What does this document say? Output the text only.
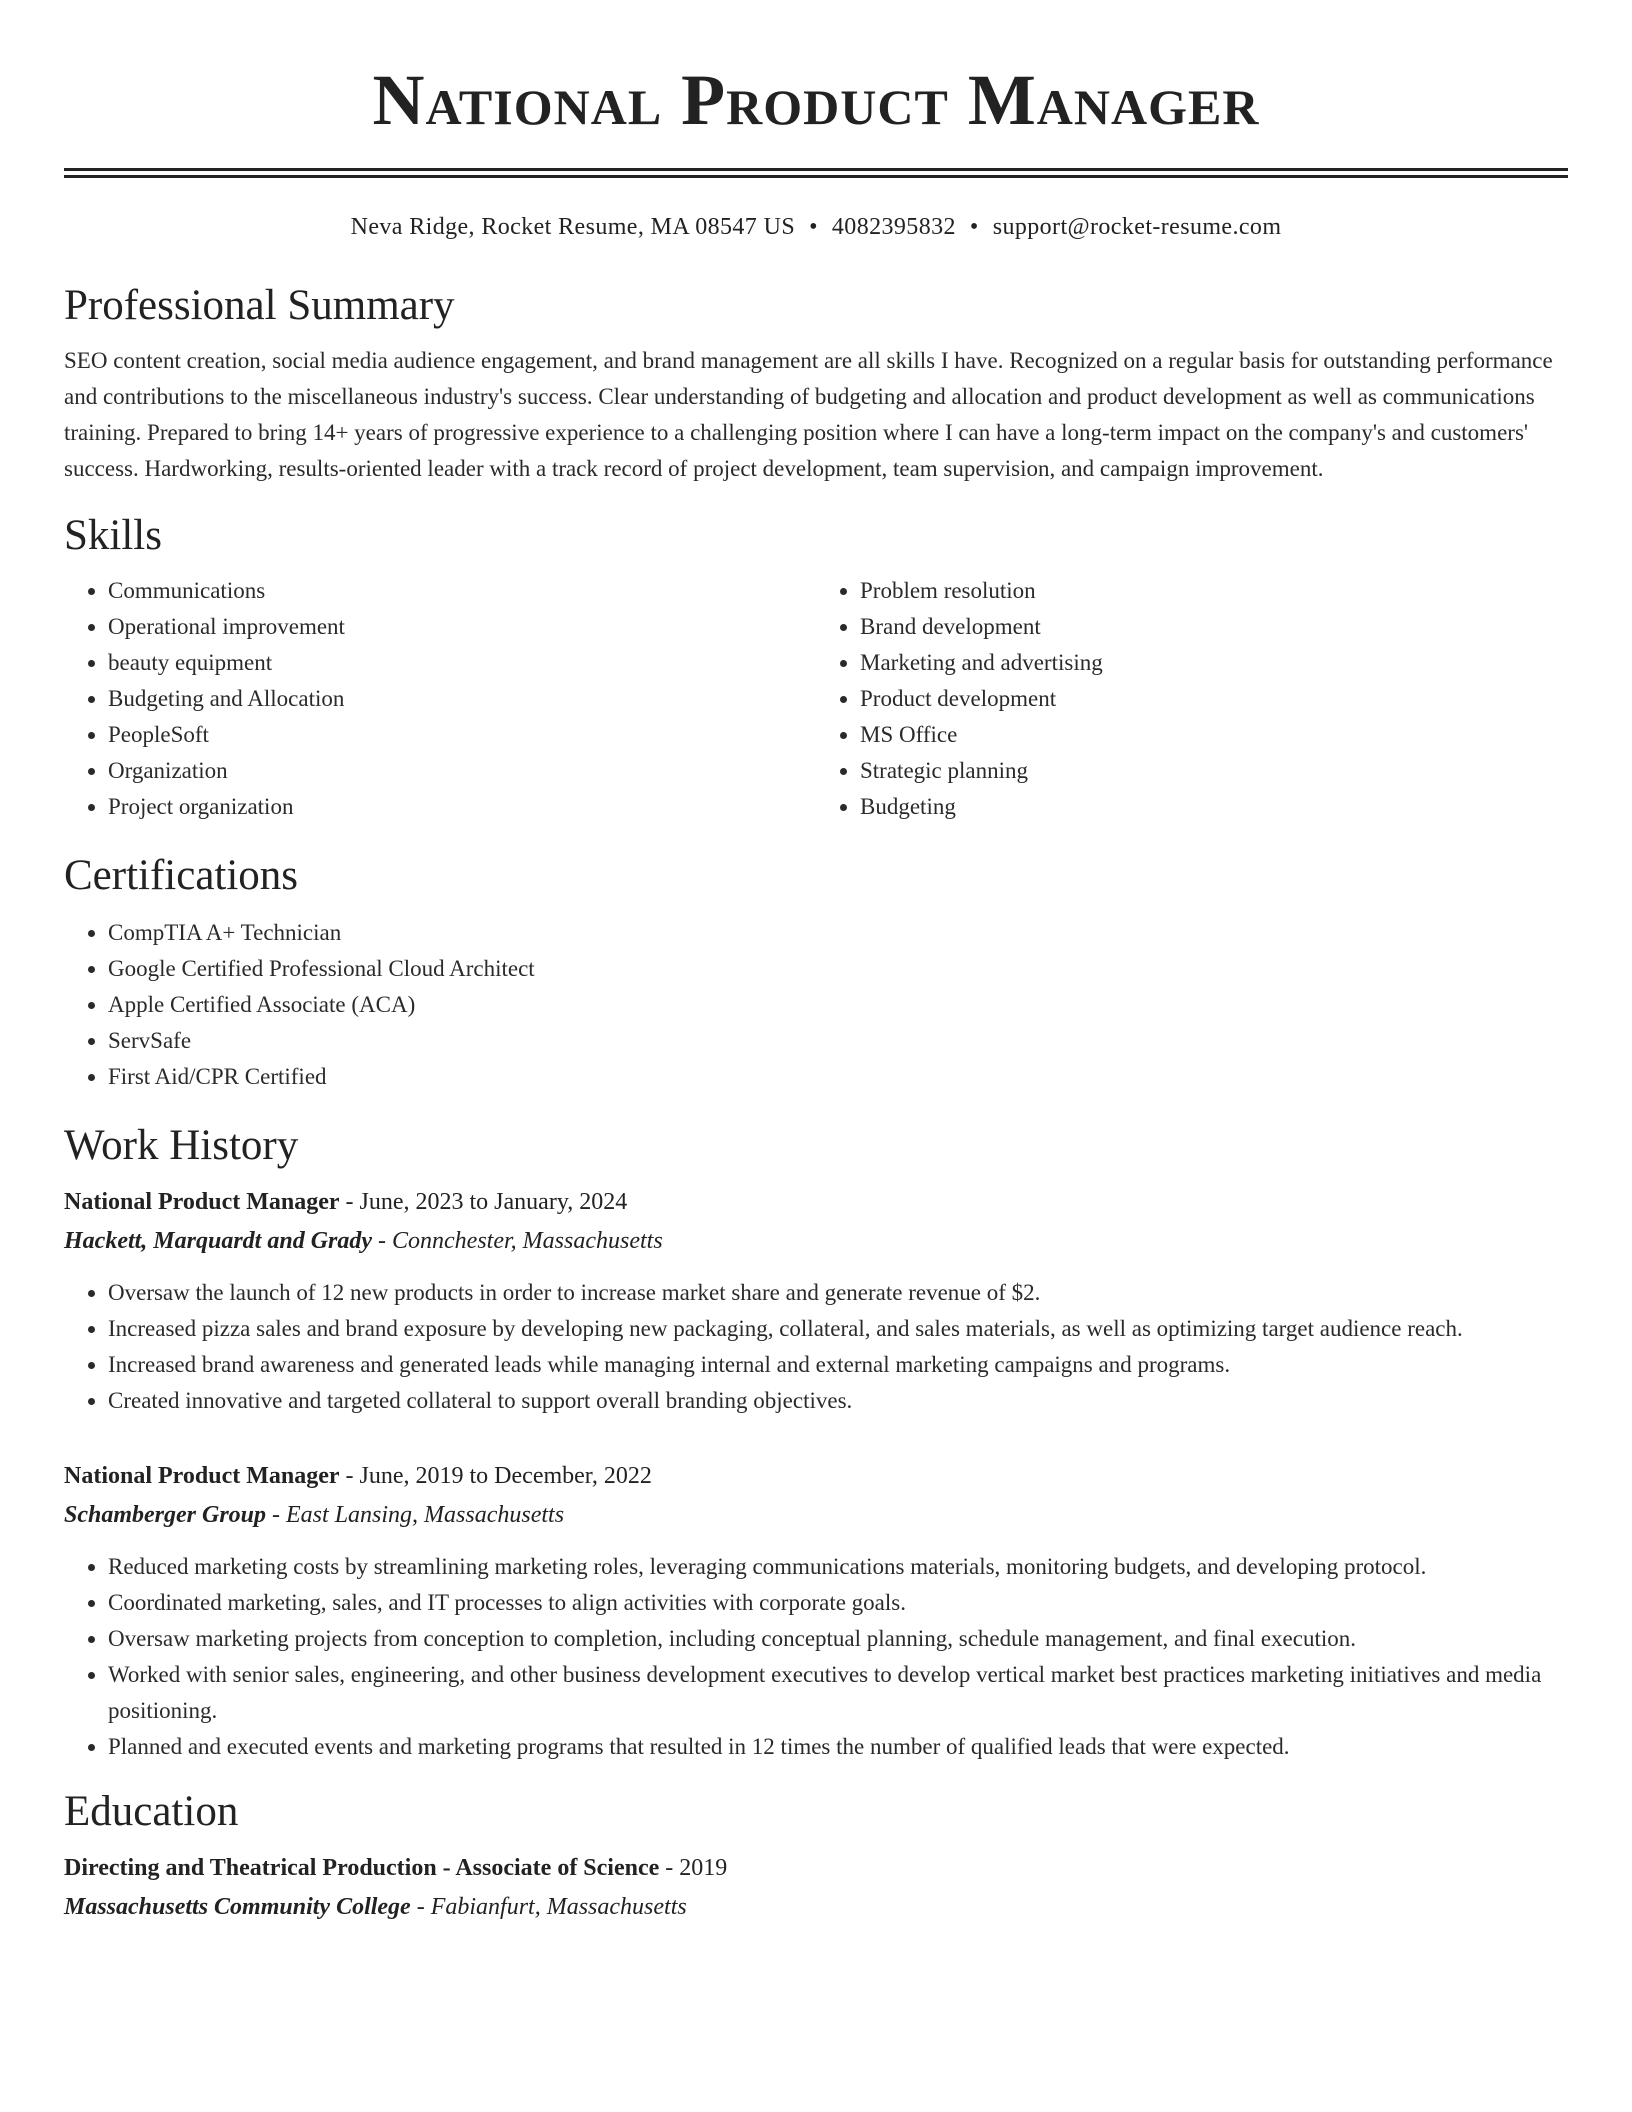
National Product Manager
Neva Ridge, Rocket Resume, MA 08547 US • 4082395832 • support@rocket-resume.com
Professional Summary

SEO content creation, social media audience engagement, and brand management are all skills I have. Recognized on a regular basis for outstanding performance and contributions to the miscellaneous industry's success. Clear understanding of budgeting and allocation and product development as well as communications training. Prepared to bring 14+ years of progressive experience to a challenging position where I can have a long-term impact on the company's and customers' success. Hardworking, results-oriented leader with a track record of project development, team supervision, and campaign improvement.

Skills
• Communications
• Operational improvement
• beauty equipment
• Budgeting and Allocation
• PeopleSoft
• Organization
• Project organization
• Problem resolution
• Brand development
• Marketing and advertising
• Product development
• MS Office
• Strategic planning
• Budgeting
Certifications
• CompTIA A+ Technician
• Google Certified Professional Cloud Architect
• Apple Certified Associate (ACA)
• ServSafe
• First Aid/CPR Certified
Work History
National Product Manager - June, 2023 to January, 2024
Hackett, Marquardt and Grady - Connchester, Massachusetts
• Oversaw the launch of 12 new products in order to increase market share and generate revenue of $2.
• Increased pizza sales and brand exposure by developing new packaging, collateral, and sales materials, as well as optimizing target audience reach.
• Increased brand awareness and generated leads while managing internal and external marketing campaigns and programs.
• Created innovative and targeted collateral to support overall branding objectives.
National Product Manager - June, 2019 to December, 2022
Schamberger Group - East Lansing, Massachusetts
• Reduced marketing costs by streamlining marketing roles, leveraging communications materials, monitoring budgets, and developing protocol.
• Coordinated marketing, sales, and IT processes to align activities with corporate goals.
• Oversaw marketing projects from conception to completion, including conceptual planning, schedule management, and final execution.
• Worked with senior sales, engineering, and other business development executives to develop vertical market best practices marketing initiatives and media positioning.
• Planned and executed events and marketing programs that resulted in 12 times the number of qualified leads that were expected.
Education
Directing and Theatrical Production - Associate of Science - 2019
Massachusetts Community College - Fabianfurt, Massachusetts
